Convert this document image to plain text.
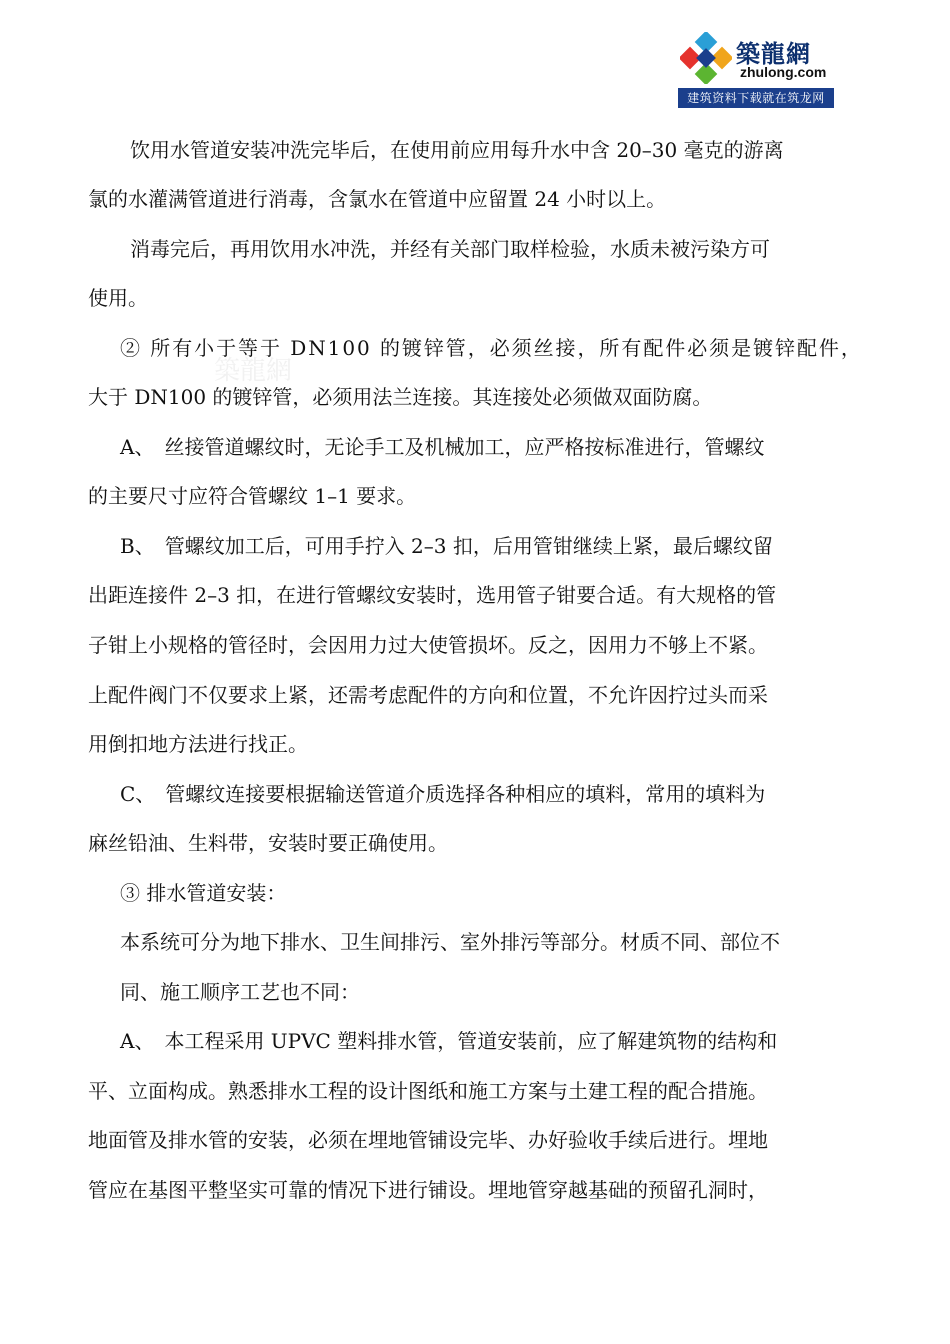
築龍網
zhulong.com
建筑资料下载就在筑龙网
築龍網
饮用水管道安装冲洗完毕后，在使用前应用每升水中含 20–30 毫克的游离
氯的水灌满管道进行消毒，含氯水在管道中应留置 24 小时以上。
消毒完后，再用饮用水冲洗，并经有关部门取样检验，水质未被污染方可
使用。
② 所有小于等于 DN100 的镀锌管，必须丝接，所有配件必须是镀锌配件，
大于 DN100 的镀锌管，必须用法兰连接。其连接处必须做双面防腐。
A、　丝接管道螺纹时，无论手工及机械加工，应严格按标准进行，管螺纹
的主要尺寸应符合管螺纹 1–1 要求。
B、　管螺纹加工后，可用手拧入 2–3 扣，后用管钳继续上紧，最后螺纹留
出距连接件 2–3 扣，在进行管螺纹安装时，选用管子钳要合适。有大规格的管
子钳上小规格的管径时，会因用力过大使管损坏。反之，因用力不够上不紧。
上配件阀门不仅要求上紧，还需考虑配件的方向和位置，不允许因拧过头而采
用倒扣地方法进行找正。
C、　管螺纹连接要根据输送管道介质选择各种相应的填料，常用的填料为
麻丝铅油、生料带，安装时要正确使用。
③ 排水管道安装：
本系统可分为地下排水、卫生间排污、室外排污等部分。材质不同、部位不
同、施工顺序工艺也不同：
A、　本工程采用 UPVC 塑料排水管，管道安装前，应了解建筑物的结构和
平、立面构成。熟悉排水工程的设计图纸和施工方案与土建工程的配合措施。
地面管及排水管的安装，必须在埋地管铺设完毕、办好验收手续后进行。埋地
管应在基图平整坚实可靠的情况下进行铺设。埋地管穿越基础的预留孔洞时，
